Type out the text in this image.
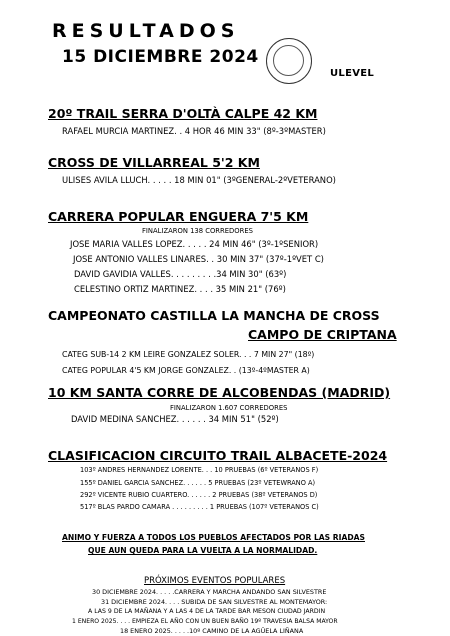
RESULTADOS
15 DICIEMBRE 2024
ULEVEL
20º TRAIL SERRA D'OLTÀ CALPE 42 KM
RAFAEL MURCIA MARTINEZ. . 4 HOR 46 MIN 33" (8º-3ºMASTER)
CROSS DE VILLARREAL 5'2 KM
ULISES AVILA LLUCH. . . . . 18 MIN 01" (3ºGENERAL-2ºVETERANO)
CARRERA POPULAR ENGUERA 7'5 KM
FINALIZARON 138 CORREDORES
JOSE MARIA VALLES LOPEZ. . . . . 24 MIN 46" (3º-1ºSENIOR)
JOSE ANTONIO VALLES LINARES. . 30 MIN 37" (37º-1ºVET C)
DAVID GAVIDIA VALLES. . . . . . . . .34 MIN 30" (63º)
CELESTINO ORTIZ MARTINEZ. . . . 35 MIN 21" (76º)
CAMPEONATO CASTILLA LA MANCHA DE CROSS
CAMPO DE CRIPTANA
CATEG SUB-14 2 KM LEIRE GONZALEZ SOLER. . . 7 MIN 27" (18º)
CATEG POPULAR 4'5 KM JORGE GONZALEZ. . (13º-4ºMASTER A)
10 KM SANTA CORRE DE ALCOBENDAS (MADRID)
FINALIZARON 1.607 CORREDORES
DAVID MEDINA SANCHEZ. . . . . . 34 MIN 51" (52º)
CLASIFICACION CIRCUITO TRAIL ALBACETE-2024
103º ANDRES HERNANDEZ LORENTE. . . 10 PRUEBAS (6º VETERANOS F)
155º DANIEL GARCIA SANCHEZ. . . . . . 5 PRUEBAS (23º VETEWRANO A)
292º VICENTE RUBIO CUARTERO. . . . . . 2 PRUEBAS (38º VETERANOS D)
517º BLAS PARDO CAMARA . . . . . . . . . 1 PRUEBAS (107º VETERANOS C)
ANIMO Y FUERZA A TODOS LOS PUEBLOS AFECTADOS POR LAS RIADAS
QUE AUN QUEDA PARA LA VUELTA A LA NORMALIDAD.
PRÓXIMOS EVENTOS POPULARES
30 DICIEMBRE 2024. . . . .CARRERA Y MARCHA ANDANDO SAN SILVESTRE
31 DICIEMBRE 2024. . . . SUBIDA DE SAN SILVESTRE AL MONTEMAYOR:
A LAS 9 DE LA MAÑANA Y A LAS 4 DE LA TARDE BAR MESON CIUDAD JARDIN
1 ENERO 2025. . . . EMPIEZA EL AÑO CON UN BUEN BAÑO 19º TRAVESIA BALSA MAYOR
18 ENERO 2025. . . . .10º CAMINO DE LA AGÜELA LIÑANA
